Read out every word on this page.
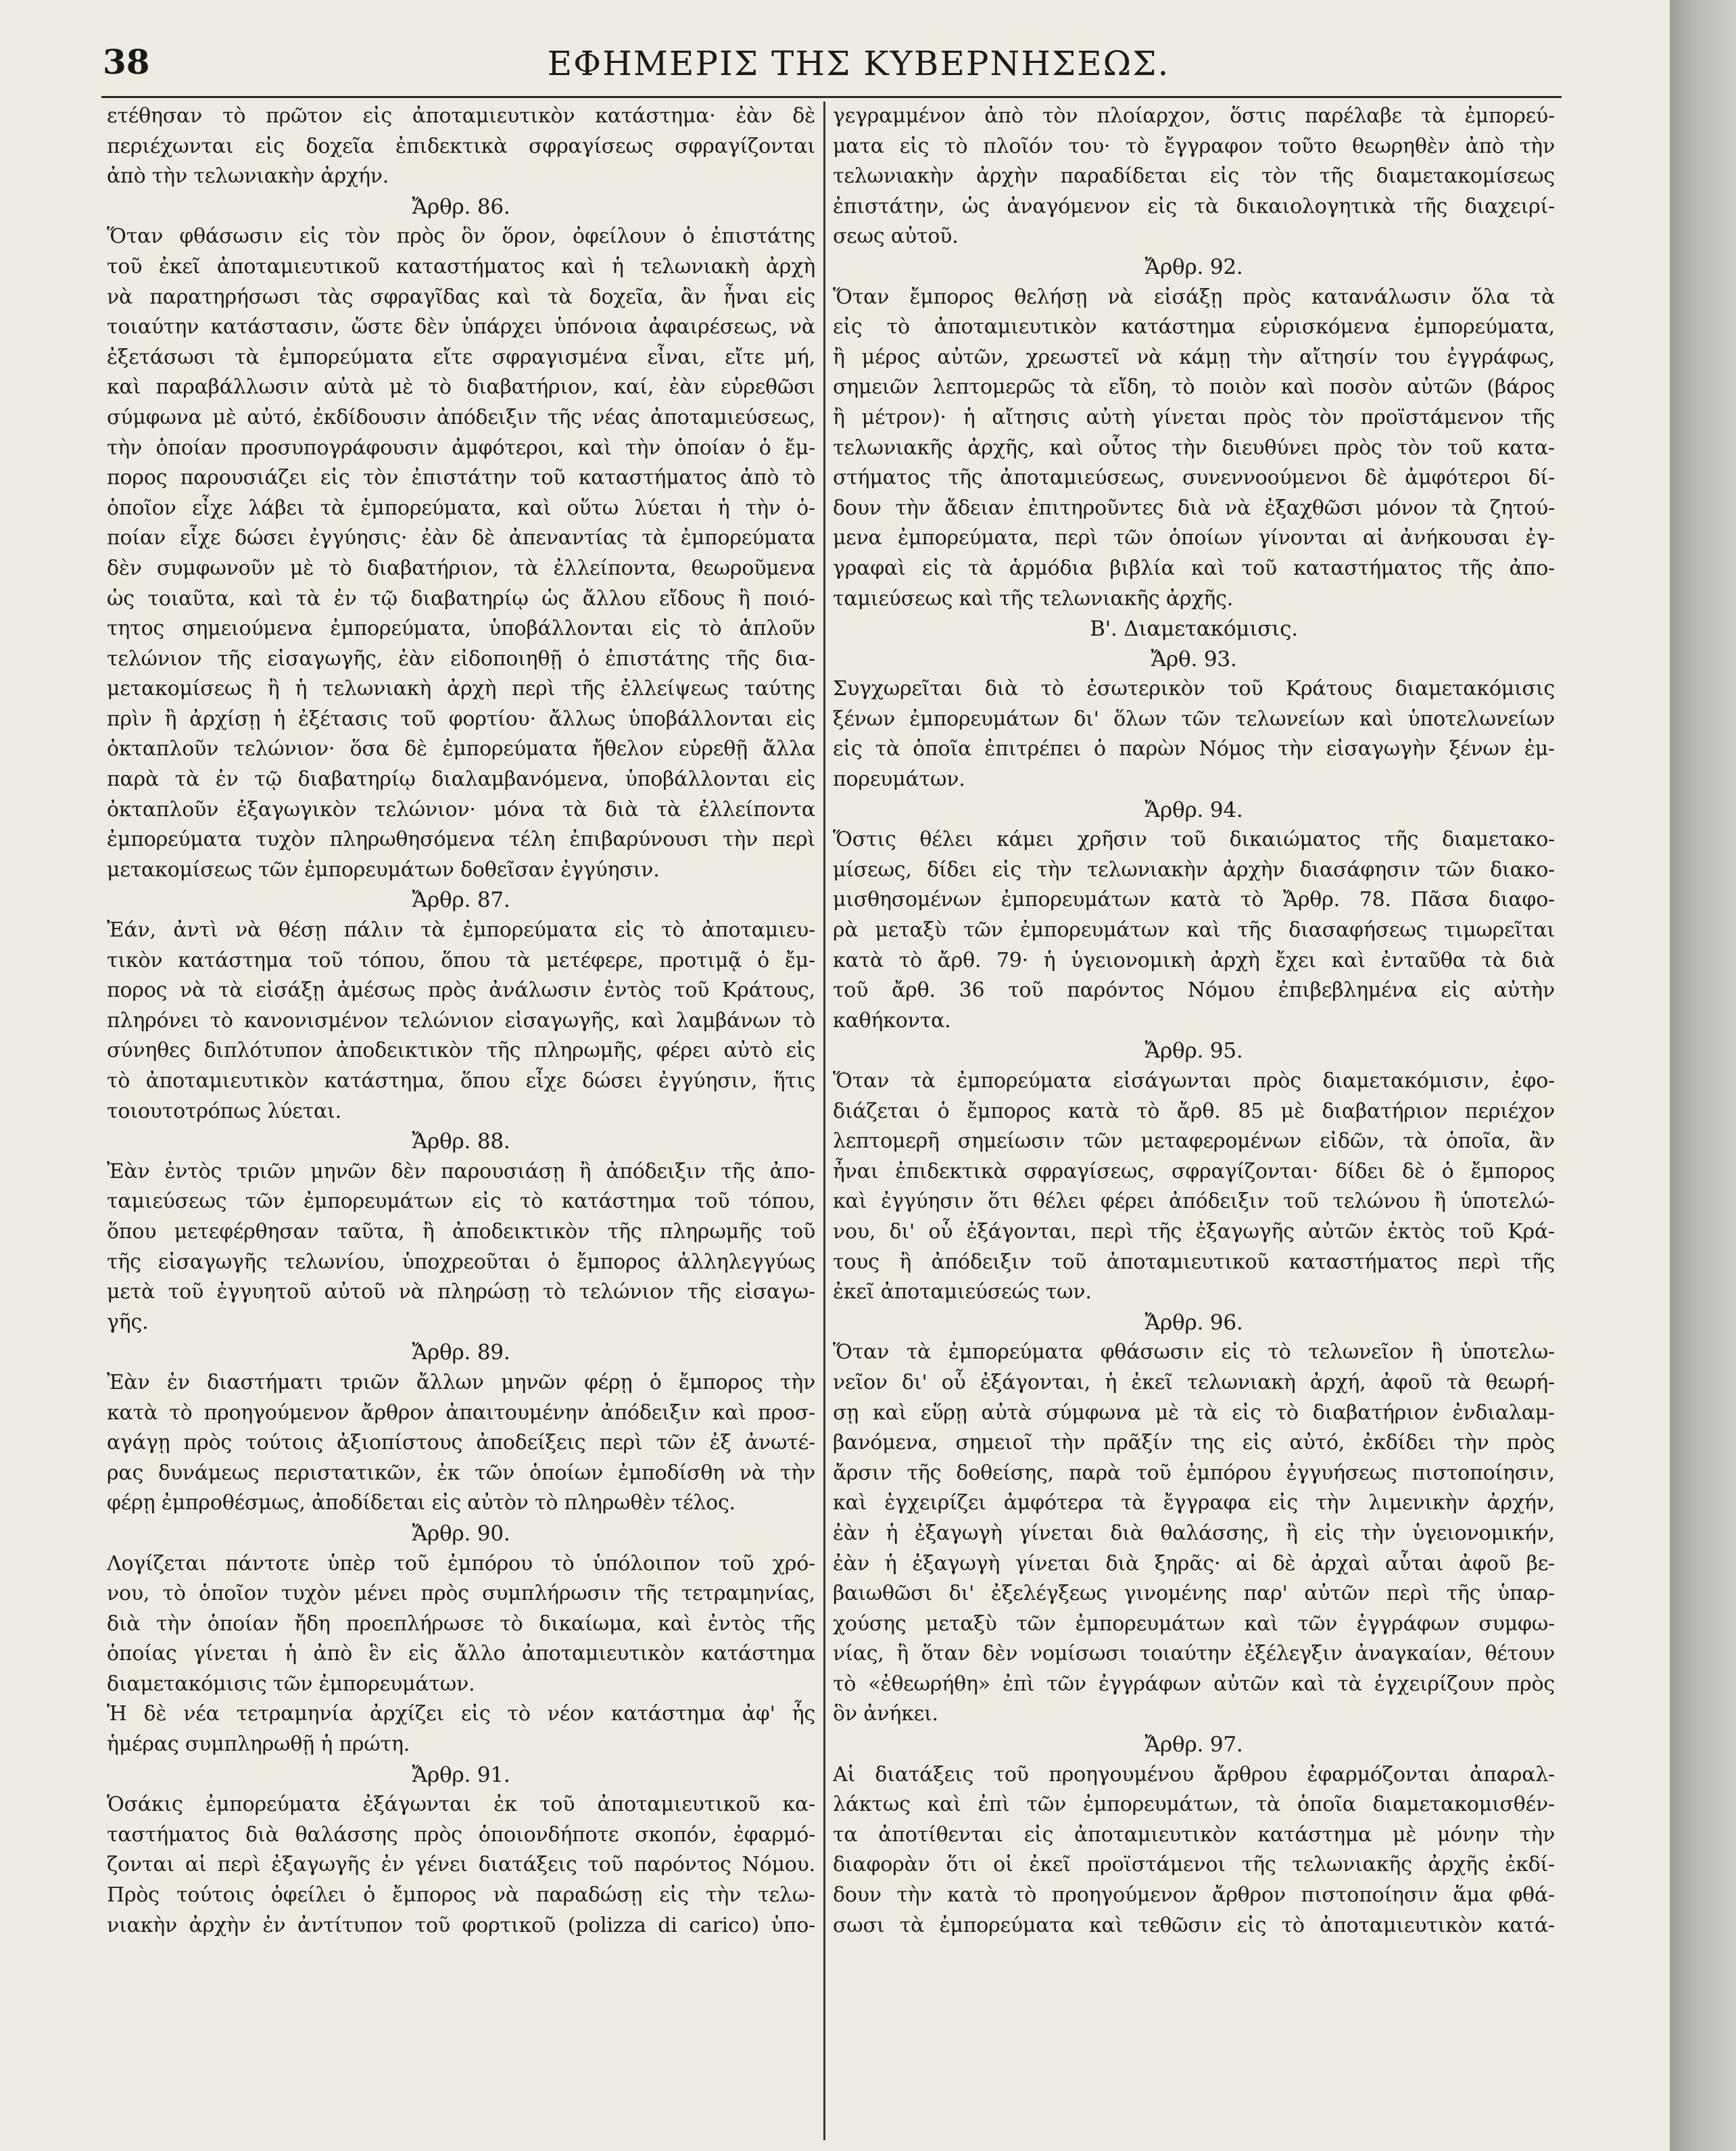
38	ΕΦΗΜΕΡΙΣ ΤΗΣ ΚΥΒΕΡΝΗΣΕΩΣ.
ετέθησαν τὸ πρῶτον εἰς ἀποταμιευτικὸν κατάστημα· ἐὰν δὲ
περιέχωνται εἰς δοχεῖα ἐπιδεκτικὰ σφραγίσεως σφραγίζονται
ἀπὸ τὴν τελωνιακὴν ἀρχήν.
Ἄρθρ. 86.
Ὅταν φθάσωσιν εἰς τὸν πρὸς ὃν ὅρον, ὀφείλουν ὁ ἐπιστάτης
τοῦ ἐκεῖ ἀποταμιευτικοῦ καταστήματος καὶ ἡ τελωνιακὴ ἀρχὴ
νὰ παρατηρήσωσι τὰς σφραγῖδας καὶ τὰ δοχεῖα, ἂν ἦναι εἰς
τοιαύτην κατάστασιν, ὥστε δὲν ὑπάρχει ὑπόνοια ἀφαιρέσεως, νὰ
ἐξετάσωσι τὰ ἐμπορεύματα εἴτε σφραγισμένα εἶναι, εἴτε μή,
καὶ παραβάλλωσιν αὐτὰ μὲ τὸ διαβατήριον, καί, ἐὰν εὑρεθῶσι
σύμφωνα μὲ αὐτό, ἐκδίδουσιν ἀπόδειξιν τῆς νέας ἀποταμιεύσεως,
τὴν ὁποίαν προσυπογράφουσιν ἀμφότεροι, καὶ τὴν ὁποίαν ὁ ἔμ-
πορος παρουσιάζει εἰς τὸν ἐπιστάτην τοῦ καταστήματος ἀπὸ τὸ
ὁποῖον εἶχε λάβει τὰ ἐμπορεύματα, καὶ οὕτω λύεται ἡ τὴν ὁ-
ποίαν εἶχε δώσει ἐγγύησις· ἐὰν δὲ ἀπεναντίας τὰ ἐμπορεύματα
δὲν συμφωνοῦν μὲ τὸ διαβατήριον, τὰ ἐλλείποντα, θεωροῦμενα
ὡς τοιαῦτα, καὶ τὰ ἐν τῷ διαβατηρίῳ ὡς ἄλλου εἴδους ἢ ποιό-
τητος σημειούμενα ἐμπορεύματα, ὑποβάλλονται εἰς τὸ ἁπλοῦν
τελώνιον τῆς εἰσαγωγῆς, ἐὰν εἰδοποιηθῇ ὁ ἐπιστάτης τῆς δια-
μετακομίσεως ἢ ἡ τελωνιακὴ ἀρχὴ περὶ τῆς ἐλλείψεως ταύτης
πρὶν ἢ ἀρχίσῃ ἡ ἐξέτασις τοῦ φορτίου· ἄλλως ὑποβάλλονται εἰς
ὀκταπλοῦν τελώνιον· ὅσα δὲ ἐμπορεύματα ἤθελον εὑρεθῇ ἄλλα
παρὰ τὰ ἐν τῷ διαβατηρίῳ διαλαμβανόμενα, ὑποβάλλονται εἰς
ὀκταπλοῦν ἐξαγωγικὸν τελώνιον· μόνα τὰ διὰ τὰ ἐλλείποντα
ἐμπορεύματα τυχὸν πληρωθησόμενα τέλη ἐπιβαρύνουσι τὴν περὶ
μετακομίσεως τῶν ἐμπορευμάτων δοθεῖσαν ἐγγύησιν.
Ἄρθρ. 87.
Ἐάν, ἀντὶ νὰ θέσῃ πάλιν τὰ ἐμπορεύματα εἰς τὸ ἀποταμιευ-
τικὸν κατάστημα τοῦ τόπου, ὅπου τὰ μετέφερε, προτιμᾷ ὁ ἔμ-
πορος νὰ τὰ εἰσάξῃ ἀμέσως πρὸς ἀνάλωσιν ἐντὸς τοῦ Κράτους,
πληρόνει τὸ κανονισμένον τελώνιον εἰσαγωγῆς, καὶ λαμβάνων τὸ
σύνηθες διπλότυπον ἀποδεικτικὸν τῆς πληρωμῆς, φέρει αὐτὸ εἰς
τὸ ἀποταμιευτικὸν κατάστημα, ὅπου εἶχε δώσει ἐγγύησιν, ἥτις
τοιουτοτρόπως λύεται.
Ἄρθρ. 88.
Ἐὰν ἐντὸς τριῶν μηνῶν δὲν παρουσιάσῃ ἢ ἀπόδειξιν τῆς ἀπο-
ταμιεύσεως τῶν ἐμπορευμάτων εἰς τὸ κατάστημα τοῦ τόπου,
ὅπου μετεφέρθησαν ταῦτα, ἢ ἀποδεικτικὸν τῆς πληρωμῆς τοῦ
τῆς εἰσαγωγῆς τελωνίου, ὑποχρεοῦται ὁ ἔμπορος ἀλληλεγγύως
μετὰ τοῦ ἐγγυητοῦ αὐτοῦ νὰ πληρώσῃ τὸ τελώνιον τῆς εἰσαγω-
γῆς.
Ἄρθρ. 89.
Ἐὰν ἐν διαστήματι τριῶν ἄλλων μηνῶν φέρῃ ὁ ἔμπορος τὴν
κατὰ τὸ προηγούμενον ἄρθρον ἀπαιτουμένην ἀπόδειξιν καὶ προσ-
αγάγῃ πρὸς τούτοις ἀξιοπίστους ἀποδείξεις περὶ τῶν ἐξ ἀνωτέ-
ρας δυνάμεως περιστατικῶν, ἐκ τῶν ὁποίων ἐμποδίσθη νὰ τὴν
φέρῃ ἐμπροθέσμως, ἀποδίδεται εἰς αὐτὸν τὸ πληρωθὲν τέλος.
Ἄρθρ. 90.
Λογίζεται πάντοτε ὑπὲρ τοῦ ἐμπόρου τὸ ὑπόλοιπον τοῦ χρό-
νου, τὸ ὁποῖον τυχὸν μένει πρὸς συμπλήρωσιν τῆς τετραμηνίας,
διὰ τὴν ὁποίαν ἤδη προεπλήρωσε τὸ δικαίωμα, καὶ ἐντὸς τῆς
ὁποίας γίνεται ἡ ἀπὸ ἓν εἰς ἄλλο ἀποταμιευτικὸν κατάστημα
διαμετακόμισις τῶν ἐμπορευμάτων.
Ἡ δὲ νέα τετραμηνία ἀρχίζει εἰς τὸ νέον κατάστημα ἀφ' ἧς
ἡμέρας συμπληρωθῇ ἡ πρώτη.
Ἄρθρ. 91.
Ὁσάκις ἐμπορεύματα ἐξάγωνται ἐκ τοῦ ἀποταμιευτικοῦ κα-
ταστήματος διὰ θαλάσσης πρὸς ὁποιονδήποτε σκοπόν, ἐφαρμό-
ζονται αἱ περὶ ἐξαγωγῆς ἐν γένει διατάξεις τοῦ παρόντος Νόμου.
Πρὸς τούτοις ὀφείλει ὁ ἔμπορος νὰ παραδώσῃ εἰς τὴν τελω-
νιακὴν ἀρχὴν ἐν ἀντίτυπον τοῦ φορτικοῦ (polizza di carico) ὑπο-
γεγραμμένον ἀπὸ τὸν πλοίαρχον, ὅστις παρέλαβε τὰ ἐμπορεύ-
ματα εἰς τὸ πλοῖόν του· τὸ ἔγγραφον τοῦτο θεωρηθὲν ἀπὸ τὴν
τελωνιακὴν ἀρχὴν παραδίδεται εἰς τὸν τῆς διαμετακομίσεως
ἐπιστάτην, ὡς ἀναγόμενον εἰς τὰ δικαιολογητικὰ τῆς διαχειρί-
σεως αὐτοῦ.
Ἄρθρ. 92.
Ὅταν ἔμπορος θελήσῃ νὰ εἰσάξῃ πρὸς κατανάλωσιν ὅλα τὰ
εἰς τὸ ἀποταμιευτικὸν κατάστημα εὑρισκόμενα ἐμπορεύματα,
ἢ μέρος αὐτῶν, χρεωστεῖ νὰ κάμῃ τὴν αἴτησίν του ἐγγράφως,
σημειῶν λεπτομερῶς τὰ εἴδη, τὸ ποιὸν καὶ ποσὸν αὐτῶν (βάρος
ἢ μέτρον)· ἡ αἴτησις αὐτὴ γίνεται πρὸς τὸν προϊστάμενον τῆς
τελωνιακῆς ἀρχῆς, καὶ οὗτος τὴν διευθύνει πρὸς τὸν τοῦ κατα-
στήματος τῆς ἀποταμιεύσεως, συνεννοούμενοι δὲ ἀμφότεροι δί-
δουν τὴν ἄδειαν ἐπιτηροῦντες διὰ νὰ ἐξαχθῶσι μόνον τὰ ζητού-
μενα ἐμπορεύματα, περὶ τῶν ὁποίων γίνονται αἱ ἀνήκουσαι ἐγ-
γραφαὶ εἰς τὰ ἁρμόδια βιβλία καὶ τοῦ καταστήματος τῆς ἀπο-
ταμιεύσεως καὶ τῆς τελωνιακῆς ἀρχῆς.
Β'. Διαμετακόμισις.
Ἄρθ. 93.
Συγχωρεῖται διὰ τὸ ἐσωτερικὸν τοῦ Κράτους διαμετακόμισις
ξένων ἐμπορευμάτων δι' ὅλων τῶν τελωνείων καὶ ὑποτελωνείων
εἰς τὰ ὁποῖα ἐπιτρέπει ὁ παρὼν Νόμος τὴν εἰσαγωγὴν ξένων ἐμ-
πορευμάτων.
Ἄρθρ. 94.
Ὅστις θέλει κάμει χρῆσιν τοῦ δικαιώματος τῆς διαμετακο-
μίσεως, δίδει εἰς τὴν τελωνιακὴν ἀρχὴν διασάφησιν τῶν διακο-
μισθησομένων ἐμπορευμάτων κατὰ τὸ Ἄρθρ. 78. Πᾶσα διαφο-
ρὰ μεταξὺ τῶν ἐμπορευμάτων καὶ τῆς διασαφήσεως τιμωρεῖται
κατὰ τὸ ἄρθ. 79· ἡ ὑγειονομικὴ ἀρχὴ ἔχει καὶ ἐνταῦθα τὰ διὰ
τοῦ ἄρθ. 36 τοῦ παρόντος Νόμου ἐπιβεβλημένα εἰς αὐτὴν
καθήκοντα.
Ἄρθρ. 95.
Ὅταν τὰ ἐμπορεύματα εἰσάγωνται πρὸς διαμετακόμισιν, ἐφο-
διάζεται ὁ ἔμπορος κατὰ τὸ ἄρθ. 85 μὲ διαβατήριον περιέχον
λεπτομερῆ σημείωσιν τῶν μεταφερομένων εἰδῶν, τὰ ὁποῖα, ἂν
ἦναι ἐπιδεκτικὰ σφραγίσεως, σφραγίζονται· δίδει δὲ ὁ ἔμπορος
καὶ ἐγγύησιν ὅτι θέλει φέρει ἀπόδειξιν τοῦ τελώνου ἢ ὑποτελώ-
νου, δι' οὗ ἐξάγονται, περὶ τῆς ἐξαγωγῆς αὐτῶν ἐκτὸς τοῦ Κρά-
τους ἢ ἀπόδειξιν τοῦ ἀποταμιευτικοῦ καταστήματος περὶ τῆς
ἐκεῖ ἀποταμιεύσεώς των.
Ἄρθρ. 96.
Ὅταν τὰ ἐμπορεύματα φθάσωσιν εἰς τὸ τελωνεῖον ἢ ὑποτελω-
νεῖον δι' οὗ ἐξάγονται, ἡ ἐκεῖ τελωνιακὴ ἀρχή, ἀφοῦ τὰ θεωρή-
σῃ καὶ εὕρῃ αὐτὰ σύμφωνα μὲ τὰ εἰς τὸ διαβατήριον ἐνδιαλαμ-
βανόμενα, σημειοῖ τὴν πρᾶξίν της εἰς αὐτό, ἐκδίδει τὴν πρὸς
ἄρσιν τῆς δοθείσης, παρὰ τοῦ ἐμπόρου ἐγγυήσεως πιστοποίησιν,
καὶ ἐγχειρίζει ἀμφότερα τὰ ἔγγραφα εἰς τὴν λιμενικὴν ἀρχήν,
ἐὰν ἡ ἐξαγωγὴ γίνεται διὰ θαλάσσης, ἢ εἰς τὴν ὑγειονομικήν,
ἐὰν ἡ ἐξαγωγὴ γίνεται διὰ ξηρᾶς· αἱ δὲ ἀρχαὶ αὗται ἀφοῦ βε-
βαιωθῶσι δι' ἐξελέγξεως γινομένης παρ' αὐτῶν περὶ τῆς ὑπαρ-
χούσης μεταξὺ τῶν ἐμπορευμάτων καὶ τῶν ἐγγράφων συμφω-
νίας, ἢ ὅταν δὲν νομίσωσι τοιαύτην ἐξέλεγξιν ἀναγκαίαν, θέτουν
τὸ «ἐθεωρήθη» ἐπὶ τῶν ἐγγράφων αὐτῶν καὶ τὰ ἐγχειρίζουν πρὸς
ὃν ἀνήκει.
Ἄρθρ. 97.
Αἱ διατάξεις τοῦ προηγουμένου ἄρθρου ἐφαρμόζονται ἀπαραλ-
λάκτως καὶ ἐπὶ τῶν ἐμπορευμάτων, τὰ ὁποῖα διαμετακομισθέν-
τα ἀποτίθενται εἰς ἀποταμιευτικὸν κατάστημα μὲ μόνην τὴν
διαφορὰν ὅτι οἱ ἐκεῖ προϊστάμενοι τῆς τελωνιακῆς ἀρχῆς ἐκδί-
δουν τὴν κατὰ τὸ προηγούμενον ἄρθρον πιστοποίησιν ἅμα φθά-
σωσι τὰ ἐμπορεύματα καὶ τεθῶσιν εἰς τὸ ἀποταμιευτικὸν κατά-
